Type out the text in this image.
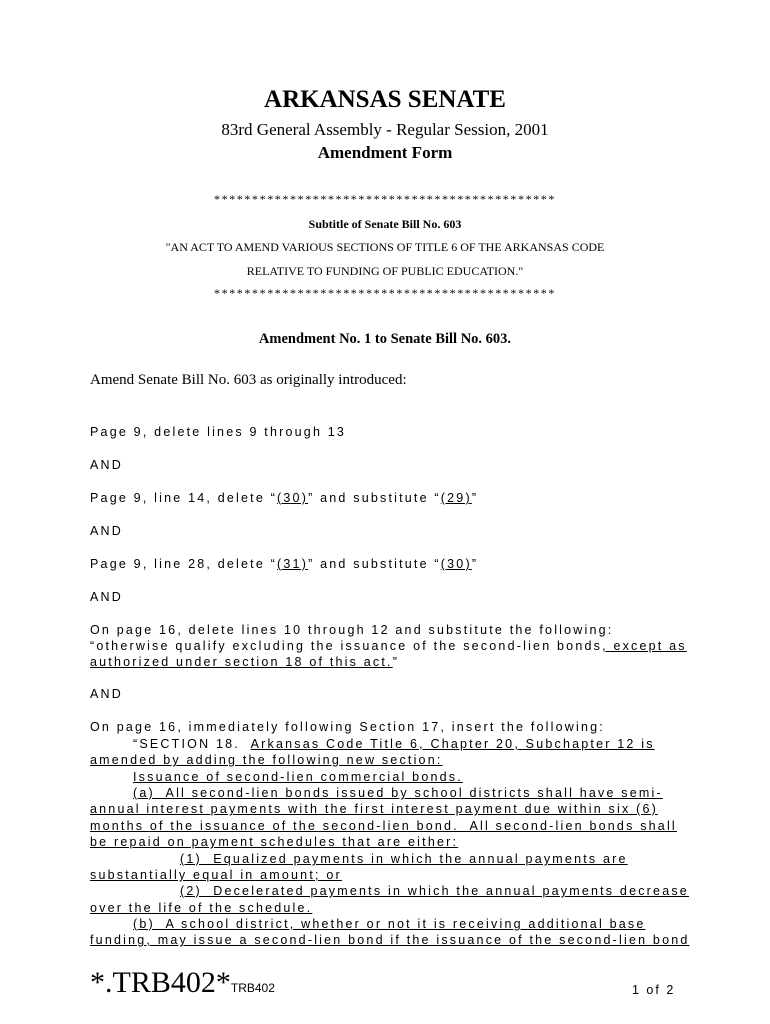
ARKANSAS SENATE
83rd General Assembly - Regular Session, 2001
Amendment Form
*********************************************
Subtitle of Senate Bill No. 603
"AN ACT TO AMEND VARIOUS SECTIONS OF TITLE 6 OF THE ARKANSAS CODE
RELATIVE TO FUNDING OF PUBLIC EDUCATION."
*********************************************
Amendment No. 1 to Senate Bill No. 603.
Amend Senate Bill No. 603 as originally introduced:
Page 9, delete lines 9 through 13
AND
Page 9, line 14, delete “(30)” and substitute “(29)”
AND
Page 9, line 28, delete “(31)” and substitute “(30)”
AND
On page 16, delete lines 10 through 12 and substitute the following:
“otherwise qualify excluding the issuance of the second-lien bonds, except as
authorized under section 18 of this act.”
AND
On page 16, immediately following Section 17, insert the following:
“SECTION 18.  Arkansas Code Title 6, Chapter 20, Subchapter 12 is
amended by adding the following new section:
Issuance of second-lien commercial bonds.
(a)  All second-lien bonds issued by school districts shall have semi-
annual interest payments with the first interest payment due within six (6)
months of the issuance of the second-lien bond.  All second-lien bonds shall
be repaid on payment schedules that are either:
(1)  Equalized payments in which the annual payments are
substantially equal in amount; or
(2)  Decelerated payments in which the annual payments decrease
over the life of the schedule.
(b)  A school district, whether or not it is receiving additional base
funding, may issue a second-lien bond if the issuance of the second-lien bond
*.TRB402*TRB402	1 of 2
